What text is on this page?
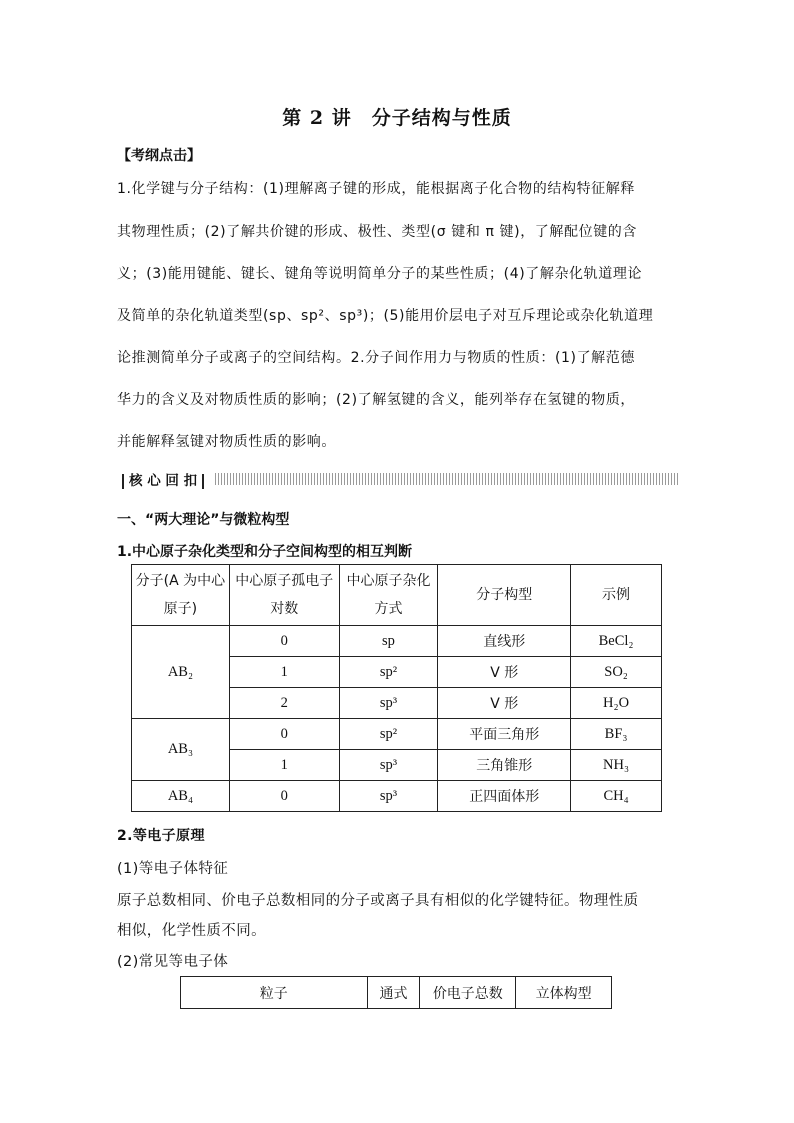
第 2 讲　分子结构与性质
【考纲点击】
1.化学键与分子结构：(1)理解离子键的形成，能根据离子化合物的结构特征解释
其物理性质；(2)了解共价键的形成、极性、类型(σ 键和 π 键)，了解配位键的含
义；(3)能用键能、键长、键角等说明简单分子的某些性质；(4)了解杂化轨道理论
及简单的杂化轨道类型(sp、sp²、sp³)；(5)能用价层电子对互斥理论或杂化轨道理
论推测简单分子或离子的空间结构。2.分子间作用力与物质的性质：(1)了解范德
华力的含义及对物质性质的影响；(2)了解氢键的含义，能列举存在氢键的物质，
并能解释氢键对物质性质的影响。
核 心 回 扣
一、“两大理论”与微粒构型
1.中心原子杂化类型和分子空间构型的相互判断
分子(A 为中心原子)	中心原子孤电子对数	中心原子杂化方式	分子构型	示例
AB₂	0	sp	直线形	BeCl₂
	1	sp²	V 形	SO₂
	2	sp³	V 形	H₂O
AB₃	0	sp²	平面三角形	BF₃
	1	sp³	三角锥形	NH₃
AB₄	0	sp³	正四面体形	CH₄
2.等电子原理
(1)等电子体特征
原子总数相同、价电子总数相同的分子或离子具有相似的化学键特征。物理性质
相似，化学性质不同。
(2)常见等电子体
粒子	通式	价电子总数	立体构型
